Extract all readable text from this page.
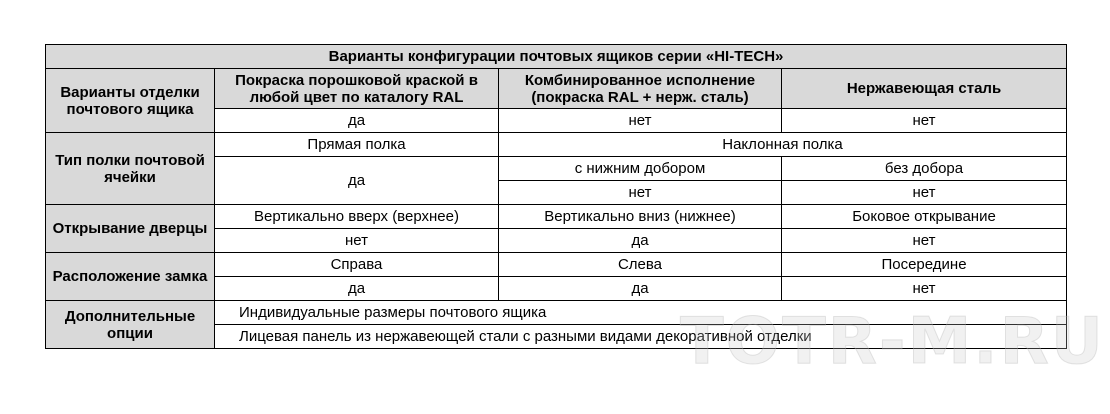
Варианты конфигурации почтовых ящиков серии «HI-TECH»			
Варианты отделки почтового ящика	Покраска порошковой краской в любой цвет по каталогу RAL	Комбинированное исполнение (покраска RAL + нерж. сталь)	Нержавеющая сталь
	да	нет	нет
Тип полки почтовой ячейки	Прямая полка	Наклонная полка	
	да	с нижним добором	без добора
		нет	нет
Открывание дверцы	Вертикально вверх (верхнее)	Вертикально вниз (нижнее)	Боковое открывание
	нет	да	нет
Расположение замка	Справа	Слева	Посередине
	да	да	нет
Дополнительные опции	Индивидуальные размеры почтового ящика		
	Лицевая панель из нержавеющей стали с разными видами декоративной отделки		
TOTR-M.RU
